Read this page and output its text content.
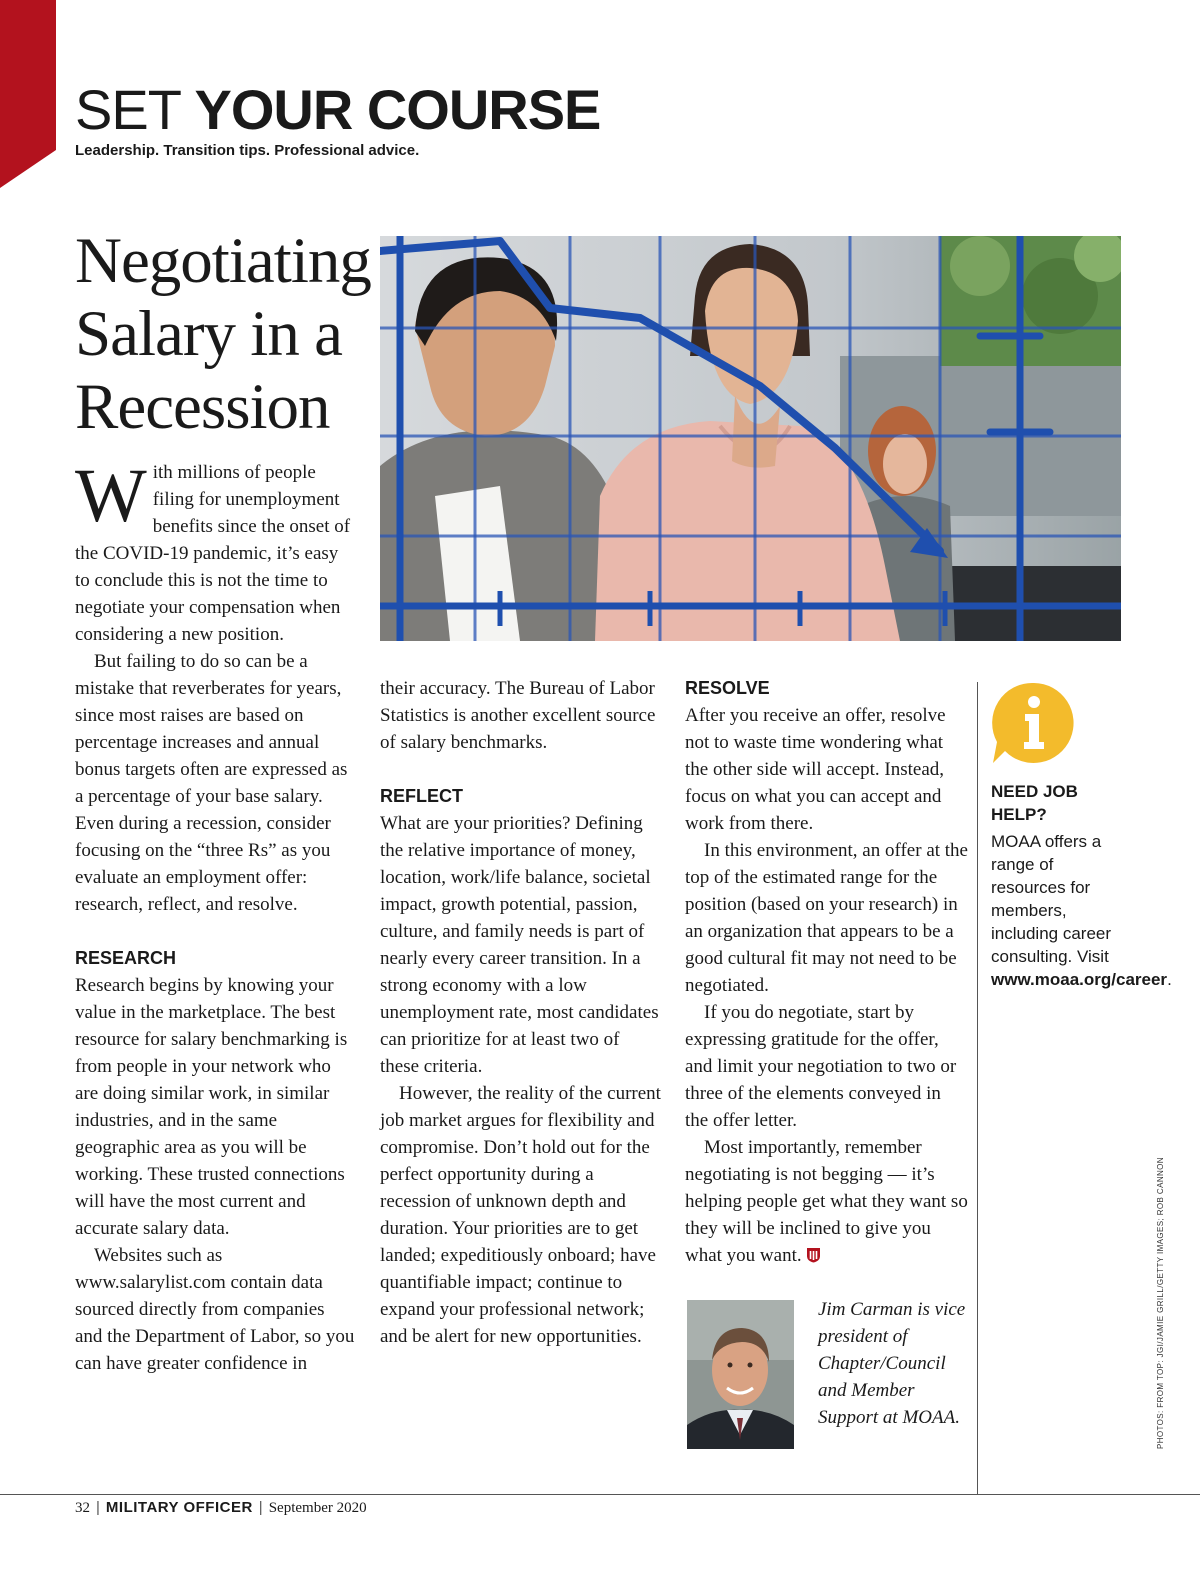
SET YOUR COURSE
Leadership. Transition tips. Professional advice.
Negotiating Salary in a Recession

With millions of people filing for unemployment benefits since the onset of the COVID-19 pandemic, it’s easy to conclude this is not the time to negotiate your compensation when considering a new position.

But failing to do so can be a mistake that reverberates for years, since most raises are based on percentage increases and annual bonus targets often are expressed as a percentage of your base salary. Even during a recession, consider focusing on the “three Rs” as you evaluate an employment offer: research, reflect, and resolve.

RESEARCH

Research begins by knowing your value in the marketplace. The best resource for salary benchmarking is from people in your network who are doing similar work, in similar industries, and in the same geographic area as you will be working. These trusted connections will have the most current and accurate salary data.

Websites such as www.salarylist.com contain data sourced directly from companies and the Department of Labor, so you can have greater confidence in

their accuracy. The Bureau of Labor Statistics is another excellent source of salary benchmarks.

REFLECT

What are your priorities? Defining the relative importance of money, location, work/life balance, societal impact, growth potential, passion, culture, and family needs is part of nearly every career transition. In a strong economy with a low unemployment rate, most candidates can prioritize for at least two of these criteria.

However, the reality of the current job market argues for flexibility and compromise. Don’t hold out for the perfect opportunity during a recession of unknown depth and duration. Your priorities are to get landed; expeditiously onboard; have quantifiable impact; continue to expand your professional network; and be alert for new opportunities.

RESOLVE

After you receive an offer, resolve not to waste time wondering what the other side will accept. Instead, focus on what you can accept and work from there.

In this environment, an offer at the top of the estimated range for the position (based on your research) in an organization that appears to be a good cultural fit may not need to be negotiated.

If you do negotiate, start by expressing gratitude for the offer, and limit your negotiation to two or three of the elements conveyed in the offer letter.

Most importantly, remember negotiating is not begging — it’s helping people get what they want so they will be inclined to give you what you want.

Jim Carman is vice president of Chapter/Council and Member Support at MOAA.
NEED JOB HELP?
MOAA offers a range of resources for members, including career consulting. Visit www.moaa.org/career.
PHOTOS: FROM TOP: JGI/JAMIE GRILL/GETTY IMAGES; ROB CANNON
32 | MILITARY OFFICER | September 2020
